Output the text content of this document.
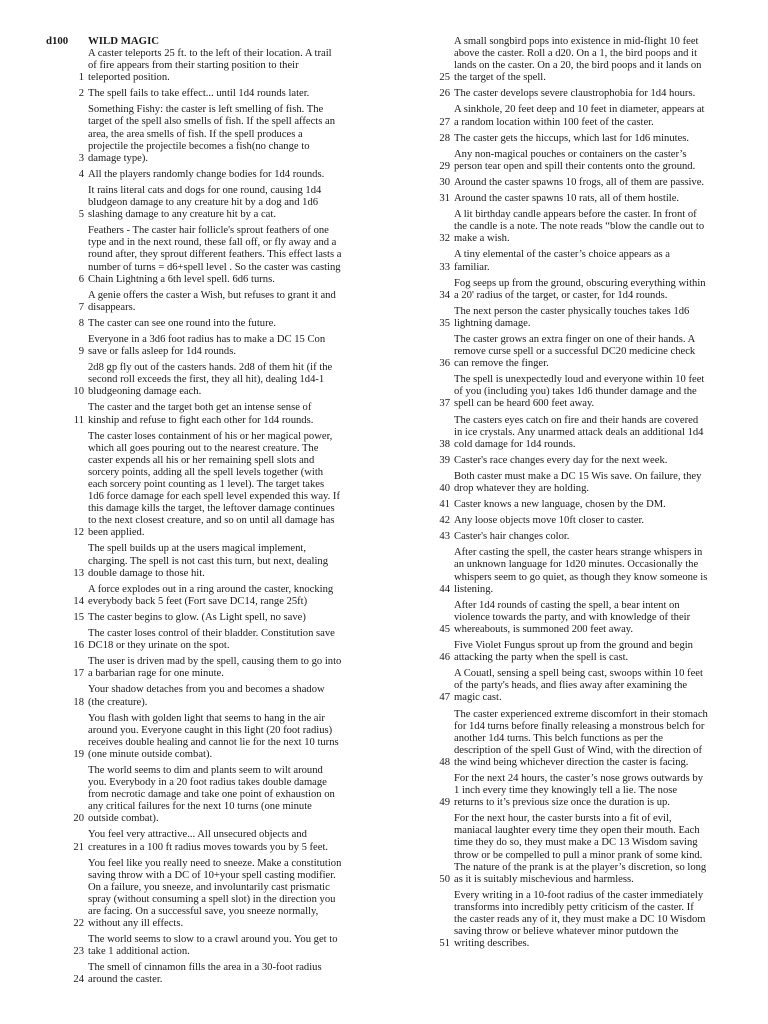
d100	WILD MAGIC
1
A caster teleports 25 ft. to the left of their location. A trail of fire appears from their starting position to their teleported position.
2 The spell fails to take effect... until 1d4 rounds later.
3
Something Fishy: the caster is left smelling of fish. The target of the spell also smells of fish. If the spell affects an area, the area smells of fish. If the spell produces a projectile the projectile becomes a fish(no change to damage type).
4 All the players randomly change bodies for 1d4 rounds.
5
It rains literal cats and dogs for one round, causing 1d4 bludgeon damage to any creature hit by a dog and 1d6 slashing damage to any creature hit by a cat.
6
Feathers - The caster hair follicle's sprout feathers of one type and in the next round, these fall off, or fly away and a round after, they sprout different feathers. This effect lasts a number of turns = d6+spell level . So the caster was casting Chain Lightning a 6th level spell. 6d6 turns.
7
A genie offers the caster a Wish, but refuses to grant it and disappears.
8 The caster can see one round into the future.
9
Everyone in a 3d6 foot radius has to make a DC 15 Con save or falls asleep for 1d4 rounds.
10
2d8 gp fly out of the casters hands. 2d8 of them hit (if the second roll exceeds the first, they all hit), dealing 1d4-1 bludgeoning damage each.
11
The caster and the target both get an intense sense of kinship and refuse to fight each other for 1d4 rounds.
12
The caster loses containment of his or her magical power, which all goes pouring out to the nearest creature. The caster expends all his or her remaining spell slots and sorcery points, adding all the spell levels together (with each sorcery point counting as 1 level). The target takes 1d6 force damage for each spell level expended this way. If this damage kills the target, the leftover damage continues to the next closest creature, and so on until all damage has been applied.
13
The spell builds up at the users magical implement, charging. The spell is not cast this turn, but next, dealing double damage to those hit.
14
A force explodes out in a ring around the caster, knocking everybody back 5 feet (Fort save DC14, range 25ft)
15 The caster begins to glow. (As Light spell, no save)
16
The caster loses control of their bladder. Constitution save DC18 or they urinate on the spot.
17
The user is driven mad by the spell, causing them to go into a barbarian rage for one minute.
18
Your shadow detaches from you and becomes a shadow (the creature).
19
You flash with golden light that seems to hang in the air around you. Everyone caught in this light (20 foot radius) receives double healing and cannot lie for the next 10 turns (one minute outside combat).
20
The world seems to dim and plants seem to wilt around you. Everybody in a 20 foot radius takes double damage from necrotic damage and take one point of exhaustion on any critical failures for the next 10 turns (one minute outside combat).
21
You feel very attractive... All unsecured objects and creatures in a 100 ft radius moves towards you by 5 feet.
22
You feel like you really need to sneeze. Make a constitution saving throw with a DC of 10+your spell casting modifier. On a failure, you sneeze, and involuntarily cast prismatic spray (without consuming a spell slot) in the direction you are facing. On a successful save, you sneeze normally, without any ill effects.
23
The world seems to slow to a crawl around you. You get to take 1 additional action.
24
The smell of cinnamon fills the area in a 30-foot radius around the caster.
25
A small songbird pops into existence in mid-flight 10 feet above the caster. Roll a d20. On a 1, the bird poops and it lands on the caster. On a 20, the bird poops and it lands on the target of the spell.
26 The caster develops severe claustrophobia for 1d4 hours.
27
A sinkhole, 20 feet deep and 10 feet in diameter, appears at a random location within 100 feet of the caster.
28 The caster gets the hiccups, which last for 1d6 minutes.
29
Any non-magical pouches or containers on the caster’s person tear open and spill their contents onto the ground.
30 Around the caster spawns 10 frogs, all of them are passive.
31 Around the caster spawns 10 rats, all of them hostile.
32
A lit birthday candle appears before the caster. In front of the candle is a note. The note reads “blow the candle out to make a wish.
33
A tiny elemental of the caster’s choice appears as a familiar.
34
Fog seeps up from the ground, obscuring everything within a 20' radius of the target, or caster, for 1d4 rounds.
35
The next person the caster physically touches takes 1d6 lightning damage.
36
The caster grows an extra finger on one of their hands. A remove curse spell or a successful DC20 medicine check can remove the finger.
37
The spell is unexpectedly loud and everyone within 10 feet of you (including you) takes 1d6 thunder damage and the spell can be heard 600 feet away.
38
The casters eyes catch on fire and their hands are covered in ice crystals. Any unarmed attack deals an additional 1d4 cold damage for 1d4 rounds.
39 Caster's race changes every day for the next week.
40
Both caster must make a DC 15 Wis save. On failure, they drop whatever they are holding.
41 Caster knows a new language, chosen by the DM.
42 Any loose objects move 10ft closer to caster.
43 Caster's hair changes color.
44
After casting the spell, the caster hears strange whispers in an unknown language for 1d20 minutes. Occasionally the whispers seem to go quiet, as though they know someone is listening.
45
After 1d4 rounds of casting the spell, a bear intent on violence towards the party, and with knowledge of their whereabouts, is summoned 200 feet away.
46
Five Violet Fungus sprout up from the ground and begin attacking the party when the spell is cast.
47
A Couatl, sensing a spell being cast, swoops within 10 feet of the party's heads, and flies away after examining the magic cast.
48
The caster experienced extreme discomfort in their stomach for 1d4 turns before finally releasing a monstrous belch for another 1d4 turns. This belch functions as per the description of the spell Gust of Wind, with the direction of the wind being whichever direction the caster is facing.
49
For the next 24 hours, the caster’s nose grows outwards by 1 inch every time they knowingly tell a lie. The nose returns to it’s previous size once the duration is up.
50
For the next hour, the caster bursts into a fit of evil, maniacal laughter every time they open their mouth. Each time they do so, they must make a DC 13 Wisdom saving throw or be compelled to pull a minor prank of some kind. The nature of the prank is at the player’s discretion, so long as it is suitably mischevious and harmless.
51
Every writing in a 10-foot radius of the caster immediately transforms into incredibly petty criticism of the caster. If the caster reads any of it, they must make a DC 10 Wisdom saving throw or believe whatever minor putdown the writing describes.
